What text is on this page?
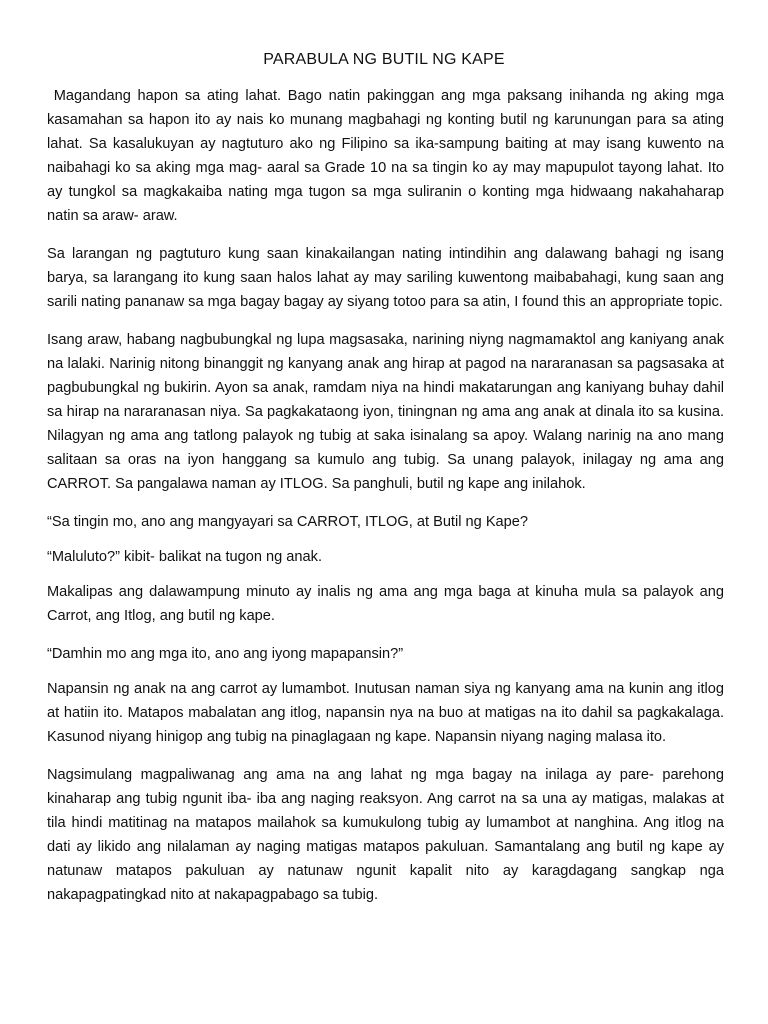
PARABULA NG BUTIL NG KAPE

Magandang hapon sa ating lahat. Bago natin pakinggan ang mga paksang inihanda ng aking mga kasamahan sa hapon ito ay nais ko munang magbahagi ng konting butil ng karunungan para sa ating lahat. Sa kasalukuyan ay nagtuturo ako ng Filipino sa ika-sampung baiting at may isang kuwento na naibahagi ko sa aking mga mag- aaral sa Grade 10 na sa tingin ko ay may mapupulot tayong lahat. Ito ay tungkol sa magkakaiba nating mga tugon sa mga suliranin o konting mga hidwaang nakahaharap natin sa araw- araw.

Sa larangan ng pagtuturo kung saan kinakailangan nating intindihin ang dalawang bahagi ng isang barya, sa larangang ito kung saan halos lahat ay may sariling kuwentong maibabahagi, kung saan ang sarili nating pananaw sa mga bagay bagay ay siyang totoo para sa atin, I found this an appropriate topic.

Isang araw, habang nagbubungkal ng lupa magsasaka, narining niyng nagmamaktol ang kaniyang anak na lalaki. Narinig nitong binanggit ng kanyang anak ang hirap at pagod na nararanasan sa pagsasaka at pagbubungkal ng bukirin. Ayon sa anak, ramdam niya na hindi makatarungan ang kaniyang buhay dahil sa hirap na nararanasan niya. Sa pagkakataong iyon, tiningnan ng ama ang anak at dinala ito sa kusina. Nilagyan ng ama ang tatlong palayok ng tubig at saka isinalang sa apoy. Walang narinig na ano mang salitaan sa oras na iyon hanggang sa kumulo ang tubig. Sa unang palayok, inilagay ng ama ang CARROT. Sa pangalawa naman ay ITLOG. Sa panghuli, butil ng kape ang inilahok.

“Sa tingin mo, ano ang mangyayari sa CARROT, ITLOG, at Butil ng Kape?

“Maluluto?” kibit- balikat na tugon ng anak.

Makalipas ang dalawampung minuto ay inalis ng ama ang mga baga at kinuha mula sa palayok ang Carrot, ang Itlog, ang butil ng kape.

“Damhin mo ang mga ito, ano ang iyong mapapansin?”

Napansin ng anak na ang carrot ay lumambot. Inutusan naman siya ng kanyang ama na kunin ang itlog at hatiin ito. Matapos mabalatan ang itlog, napansin nya na buo at matigas na ito dahil sa pagkakalaga. Kasunod niyang hinigop ang tubig na pinaglagaan ng kape. Napansin niyang naging malasa ito.

Nagsimulang magpaliwanag ang ama na ang lahat ng mga bagay na inilaga ay pare- parehong kinaharap ang tubig ngunit iba- iba ang naging reaksyon. Ang carrot na sa una ay matigas, malakas at tila hindi matitinag na matapos mailahok sa kumukulong tubig ay lumambot at nanghina. Ang itlog na dati ay likido ang nilalaman ay naging matigas matapos pakuluan. Samantalang ang butil ng kape ay natunaw matapos pakuluan ay natunaw ngunit kapalit nito ay karagdagang sangkap nga nakapagpatingkad nito at nakapagpabago sa tubig.
